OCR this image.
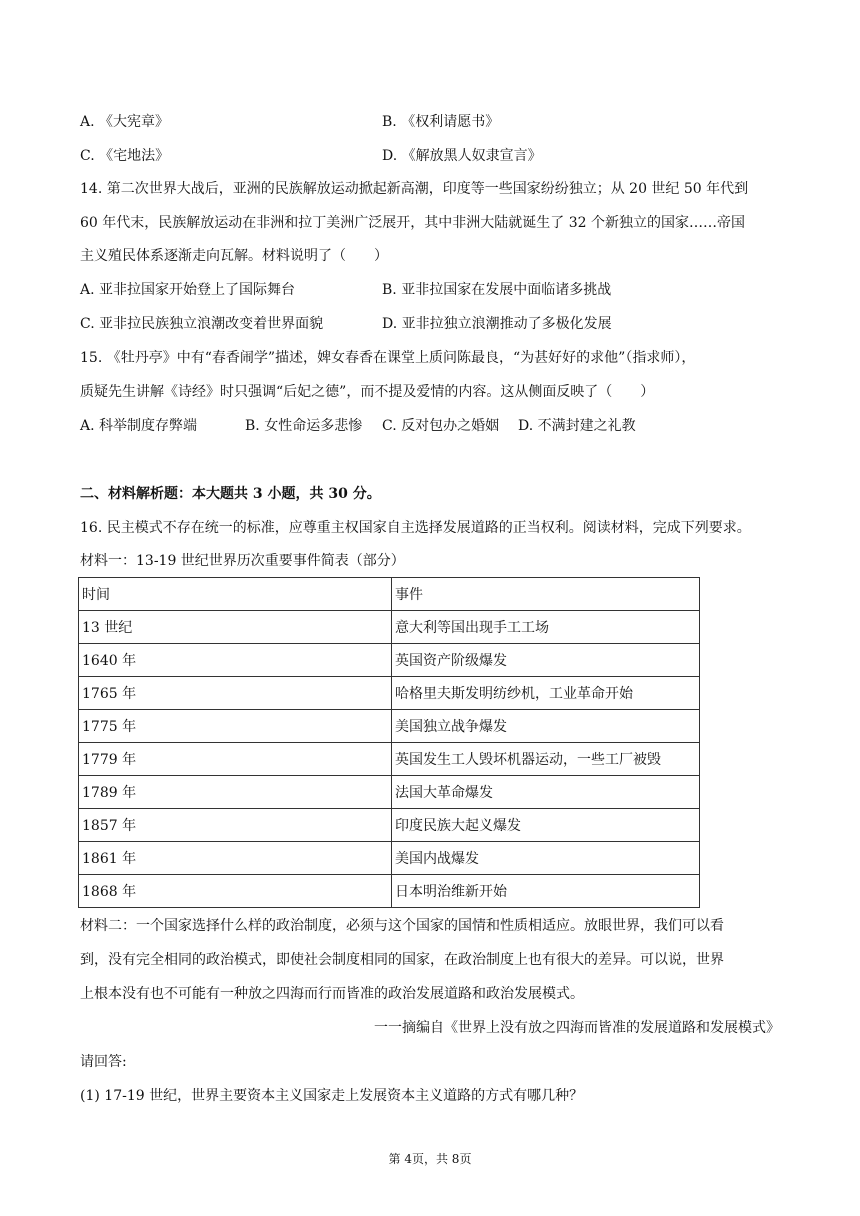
A. 《大宪章》	B. 《权利请愿书》
C. 《宅地法》	D. 《解放黑人奴隶宣言》
14. 第二次世界大战后，亚洲的民族解放运动掀起新高潮，印度等一些国家纷纷独立；从 20 世纪 50 年代到
60 年代末，民族解放运动在非洲和拉丁美洲广泛展开，其中非洲大陆就诞生了 32 个新独立的国家……帝国
主义殖民体系逐渐走向瓦解。材料说明了（　　）
A. 亚非拉国家开始登上了国际舞台	B. 亚非拉国家在发展中面临诸多挑战
C. 亚非拉民族独立浪潮改变着世界面貌	D. 亚非拉独立浪潮推动了多极化发展
15. 《牡丹亭》中有“春香闹学”描述，婢女春香在课堂上质问陈最良，“为甚好好的求他”（指求师），
质疑先生讲解《诗经》时只强调“后妃之德”，而不提及爱情的内容。这从侧面反映了（　　）
A. 科举制度存弊端	B. 女性命运多悲惨 C. 反对包办之婚姻 D. 不满封建之礼教
二、材料解析题：本大题共 3 小题，共 30 分。
16. 民主模式不存在统一的标准，应尊重主权国家自主选择发展道路的正当权利。阅读材料，完成下列要求。
材料一：13-19 世纪世界历次重要事件简表（部分）
时间	事件
13 世纪	意大利等国出现手工工场
1640 年	英国资产阶级爆发
1765 年	哈格里夫斯发明纺纱机，工业革命开始
1775 年	美国独立战争爆发
1779 年	英国发生工人毁坏机器运动，一些工厂被毁
1789 年	法国大革命爆发
1857 年	印度民族大起义爆发
1861 年	美国内战爆发
1868 年	日本明治维新开始
材料二：一个国家选择什么样的政治制度，必须与这个国家的国情和性质相适应。放眼世界，我们可以看
到，没有完全相同的政治模式，即使社会制度相同的国家，在政治制度上也有很大的差异。可以说，世界
上根本没有也不可能有一种放之四海而行而皆准的政治发展道路和政治发展模式。
一一摘编自《世界上没有放之四海而皆准的发展道路和发展模式》
请回答:
(1) 17-19 世纪，世界主要资本主义国家走上发展资本主义道路的方式有哪几种？
第 4页，共 8页
